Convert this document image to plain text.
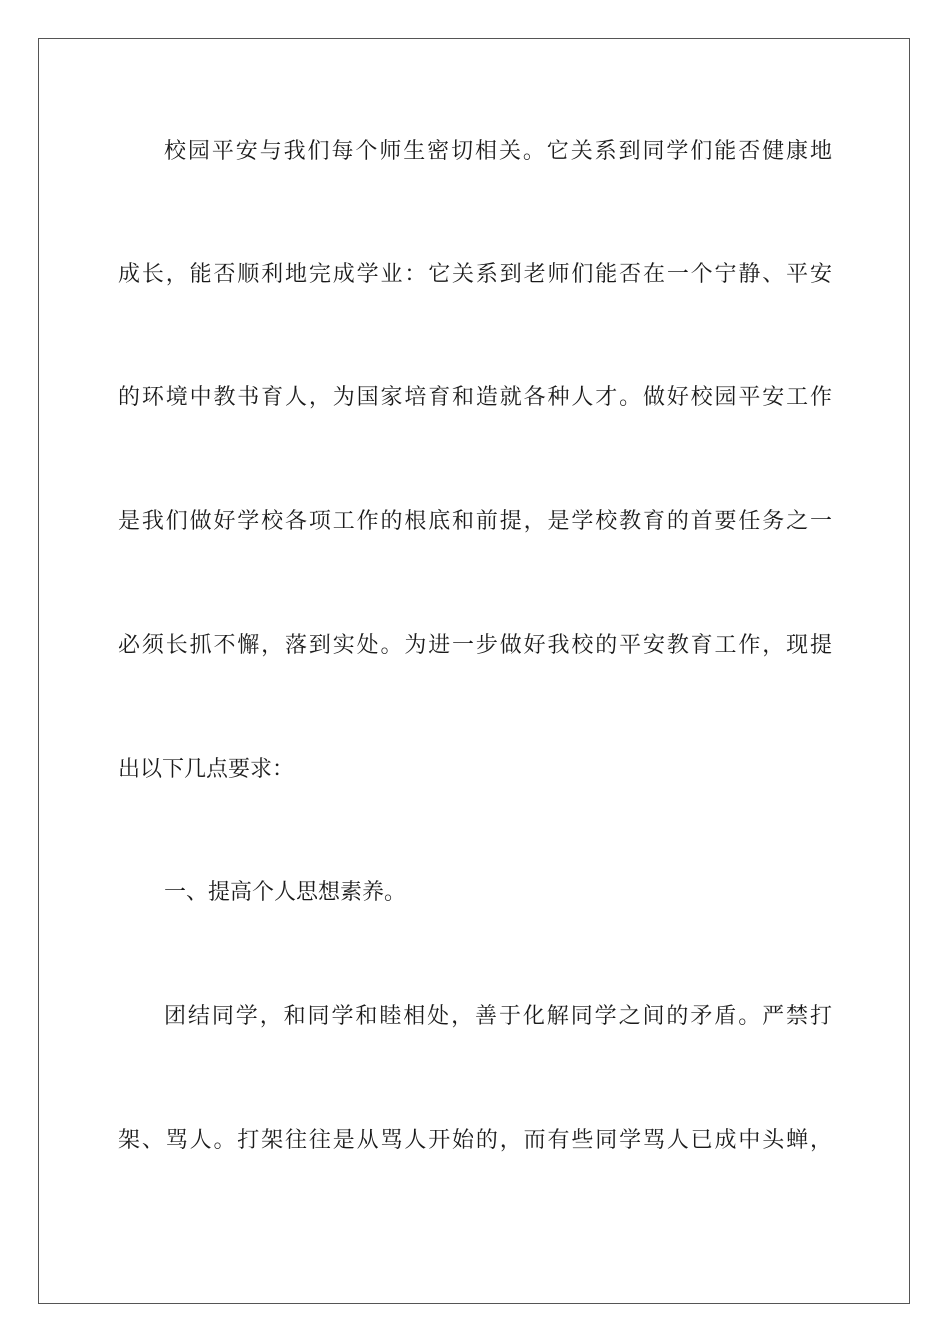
校园平安与我们每个师生密切相关。它关系到同学们能否健康地
成长，能否顺利地完成学业：它关系到老师们能否在一个宁静、平安
的环境中教书育人，为国家培育和造就各种人才。做好校园平安工作
是我们做好学校各项工作的根底和前提，是学校教育的首要任务之一
必须长抓不懈，落到实处。为进一步做好我校的平安教育工作，现提
出以下几点要求：
一、提高个人思想素养。
团结同学，和同学和睦相处，善于化解同学之间的矛盾。严禁打
架、骂人。打架往往是从骂人开始的，而有些同学骂人已成中头蝉，
